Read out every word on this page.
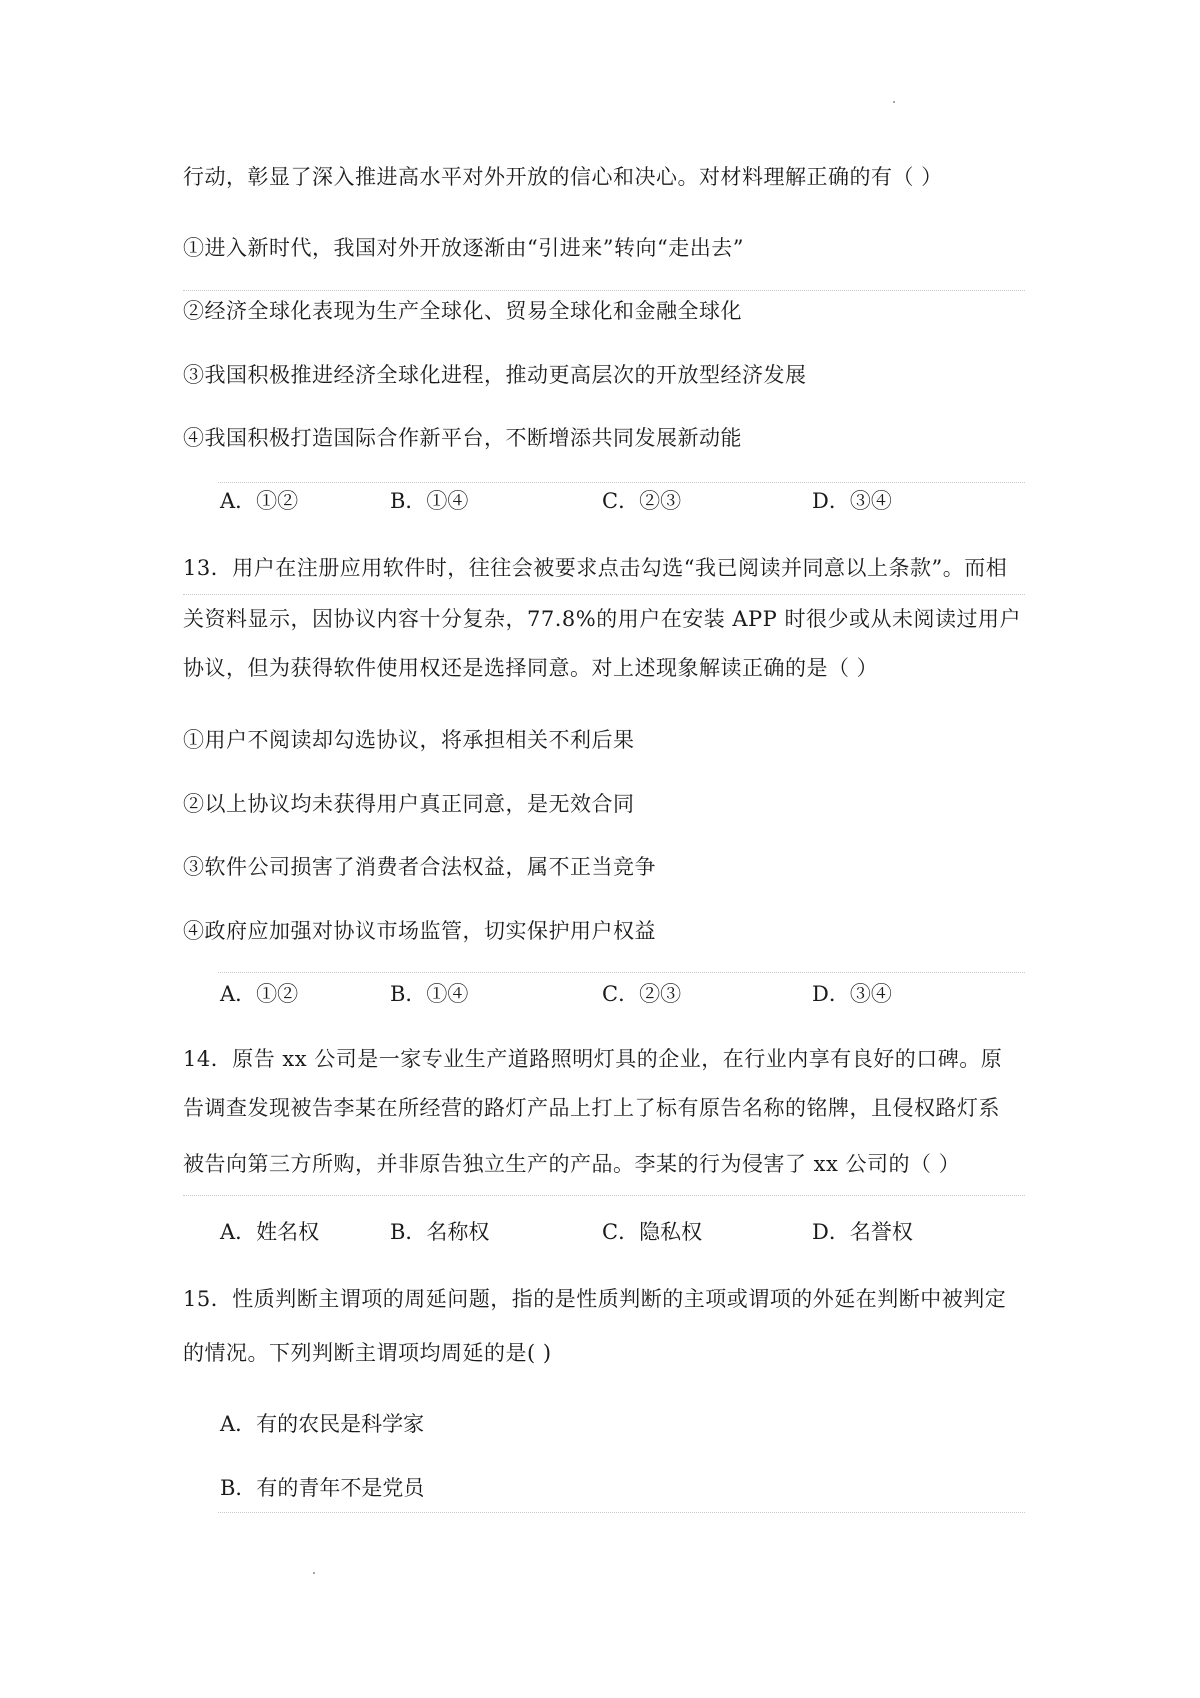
行动，彰显了深入推进高水平对外开放的信心和决心。对材料理解正确的有（ ）
①进入新时代，我国对外开放逐渐由“引进来”转向“走出去”
②经济全球化表现为生产全球化、贸易全球化和金融全球化
③我国积极推进经济全球化进程，推动更高层次的开放型经济发展
④我国积极打造国际合作新平台，不断增添共同发展新动能
A．①②	B．①④	C．②③	D．③④
13．用户在注册应用软件时，往往会被要求点击勾选“我已阅读并同意以上条款”。而相
关资料显示，因协议内容十分复杂，77.8%的用户在安装 APP 时很少或从未阅读过用户
协议，但为获得软件使用权还是选择同意。对上述现象解读正确的是（ ）
①用户不阅读却勾选协议，将承担相关不利后果
②以上协议均未获得用户真正同意，是无效合同
③软件公司损害了消费者合法权益，属不正当竞争
④政府应加强对协议市场监管，切实保护用户权益
A．①②	B．①④	C．②③	D．③④
14．原告 xx 公司是一家专业生产道路照明灯具的企业，在行业内享有良好的口碑。原
告调查发现被告李某在所经营的路灯产品上打上了标有原告名称的铭牌，且侵权路灯系
被告向第三方所购，并非原告独立生产的产品。李某的行为侵害了 xx 公司的（ ）
A．姓名权	B．名称权	C．隐私权	D．名誉权
15．性质判断主谓项的周延问题，指的是性质判断的主项或谓项的外延在判断中被判定
的情况。下列判断主谓项均周延的是( )
A．有的农民是科学家
B．有的青年不是党员
